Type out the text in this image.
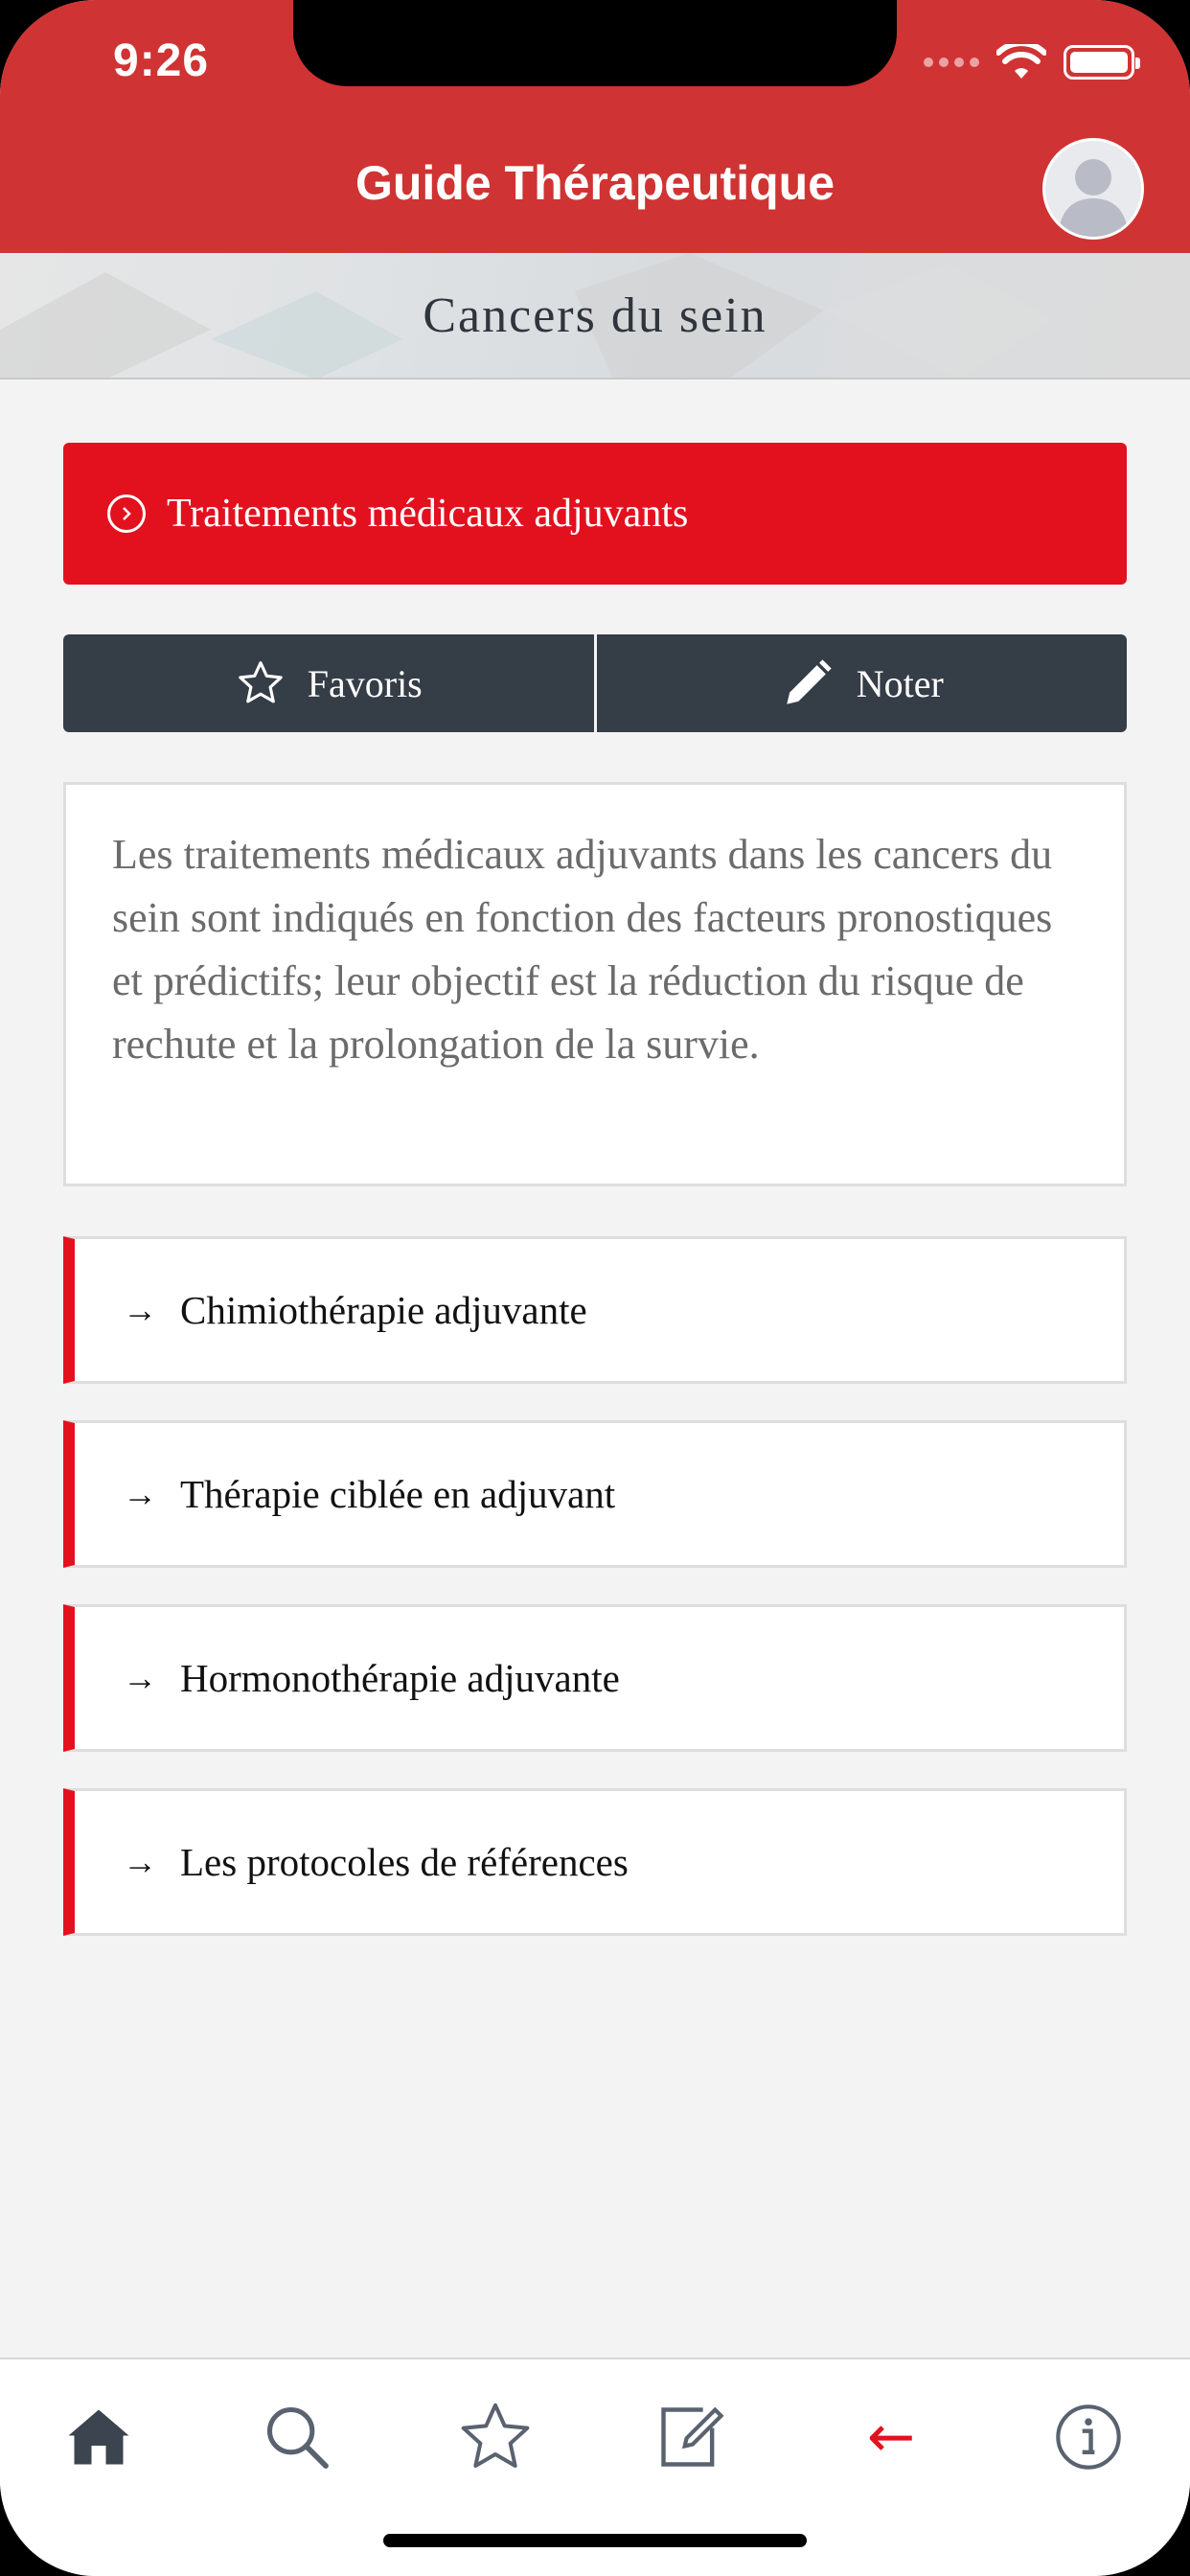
9:26
Guide Thérapeutique
Cancers du sein
Traitements médicaux adjuvants
Favoris	Noter

Les traitements médicaux adjuvants dans les cancers du sein sont indiqués en fonction des facteurs pronostiques et prédictifs; leur objectif est la réduction du risque de rechute et la prolongation de la survie.

→ Chimiothérapie adjuvante
→ Thérapie ciblée en adjuvant
→ Hormonothérapie adjuvante
→ Les protocoles de références
←
